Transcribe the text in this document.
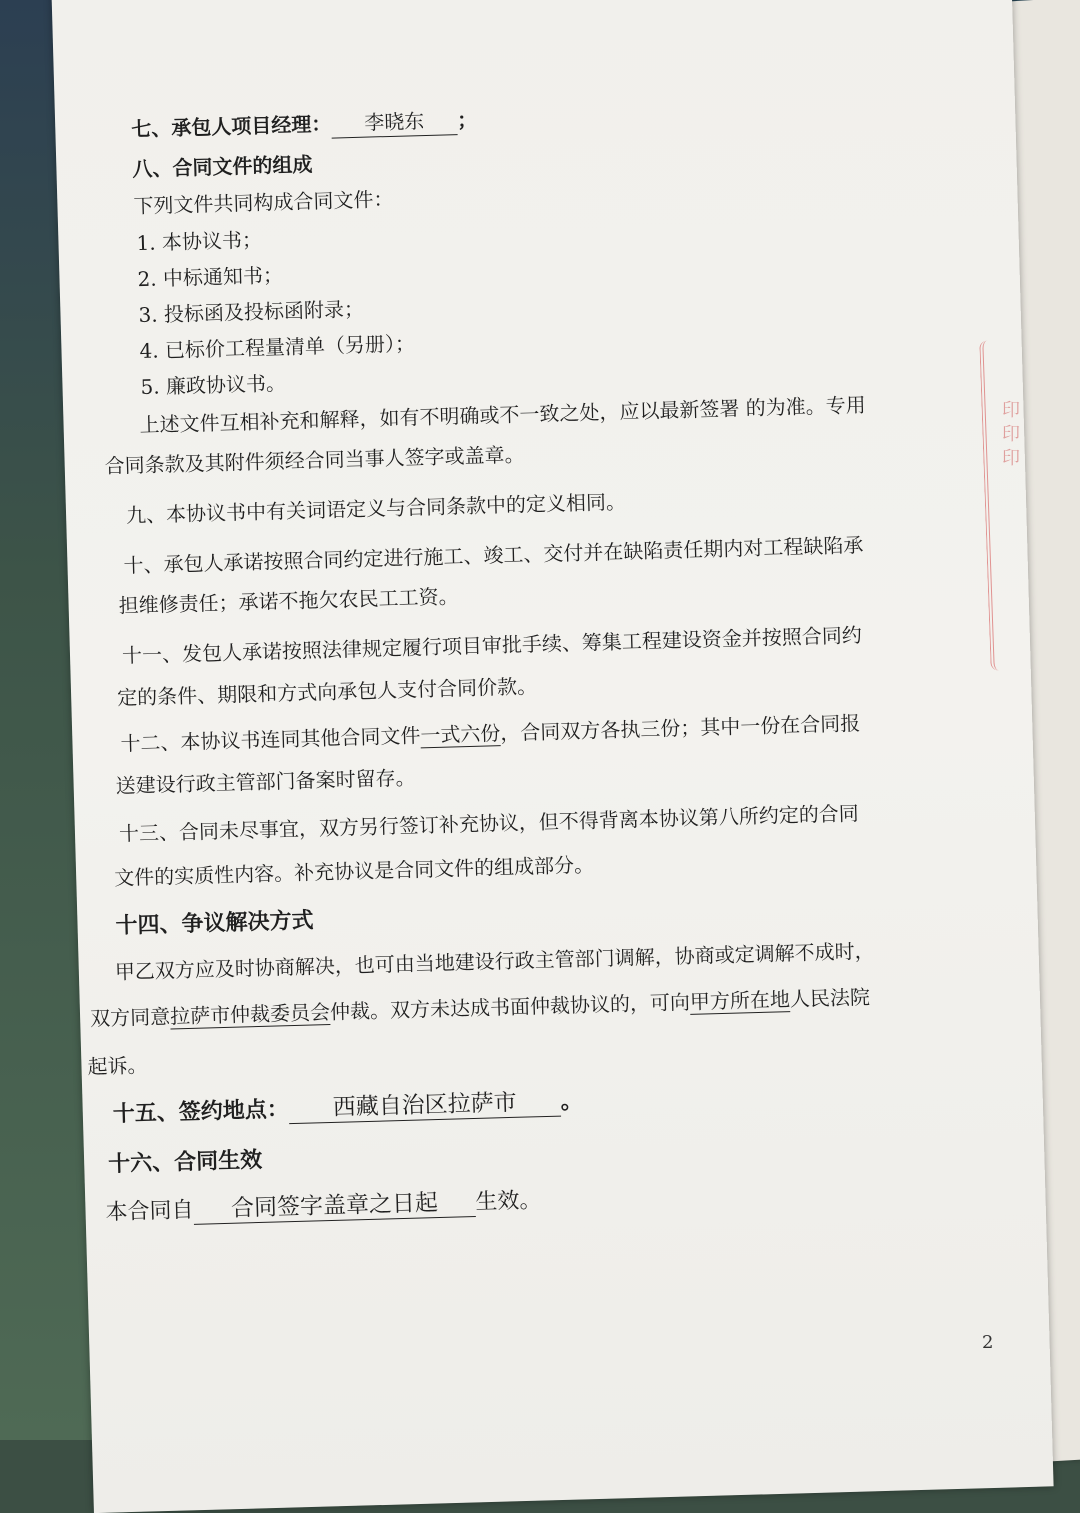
印印印
七、承包人项目经理： 李晓东 ；
八、合同文件的组成
下列文件共同构成合同文件：
1. 本协议书；
2. 中标通知书；
3. 投标函及投标函附录；
4. 已标价工程量清单（另册）；
5. 廉政协议书。
上述文件互相补充和解释，如有不明确或不一致之处，应以最新签署 的为准。专用
合同条款及其附件须经合同当事人签字或盖章。
九、本协议书中有关词语定义与合同条款中的定义相同。
十、承包人承诺按照合同约定进行施工、竣工、交付并在缺陷责任期内对工程缺陷承
担维修责任；承诺不拖欠农民工工资。
十一、发包人承诺按照法律规定履行项目审批手续、筹集工程建设资金并按照合同约
定的条件、期限和方式向承包人支付合同价款。
十二、本协议书连同其他合同文件一式六份，合同双方各执三份；其中一份在合同报
送建设行政主管部门备案时留存。
十三、合同未尽事宜，双方另行签订补充协议，但不得背离本协议第八所约定的合同
文件的实质性内容。补充协议是合同文件的组成部分。
十四、争议解决方式
甲乙双方应及时协商解决，也可由当地建设行政主管部门调解，协商或定调解不成时，
双方同意拉萨市仲裁委员会仲裁。双方未达成书面仲裁协议的，可向甲方所在地人民法院
起诉。
十五、签约地点： 西藏自治区拉萨市 。
十六、合同生效
本合同自 合同签字盖章之日起 生效。
2
